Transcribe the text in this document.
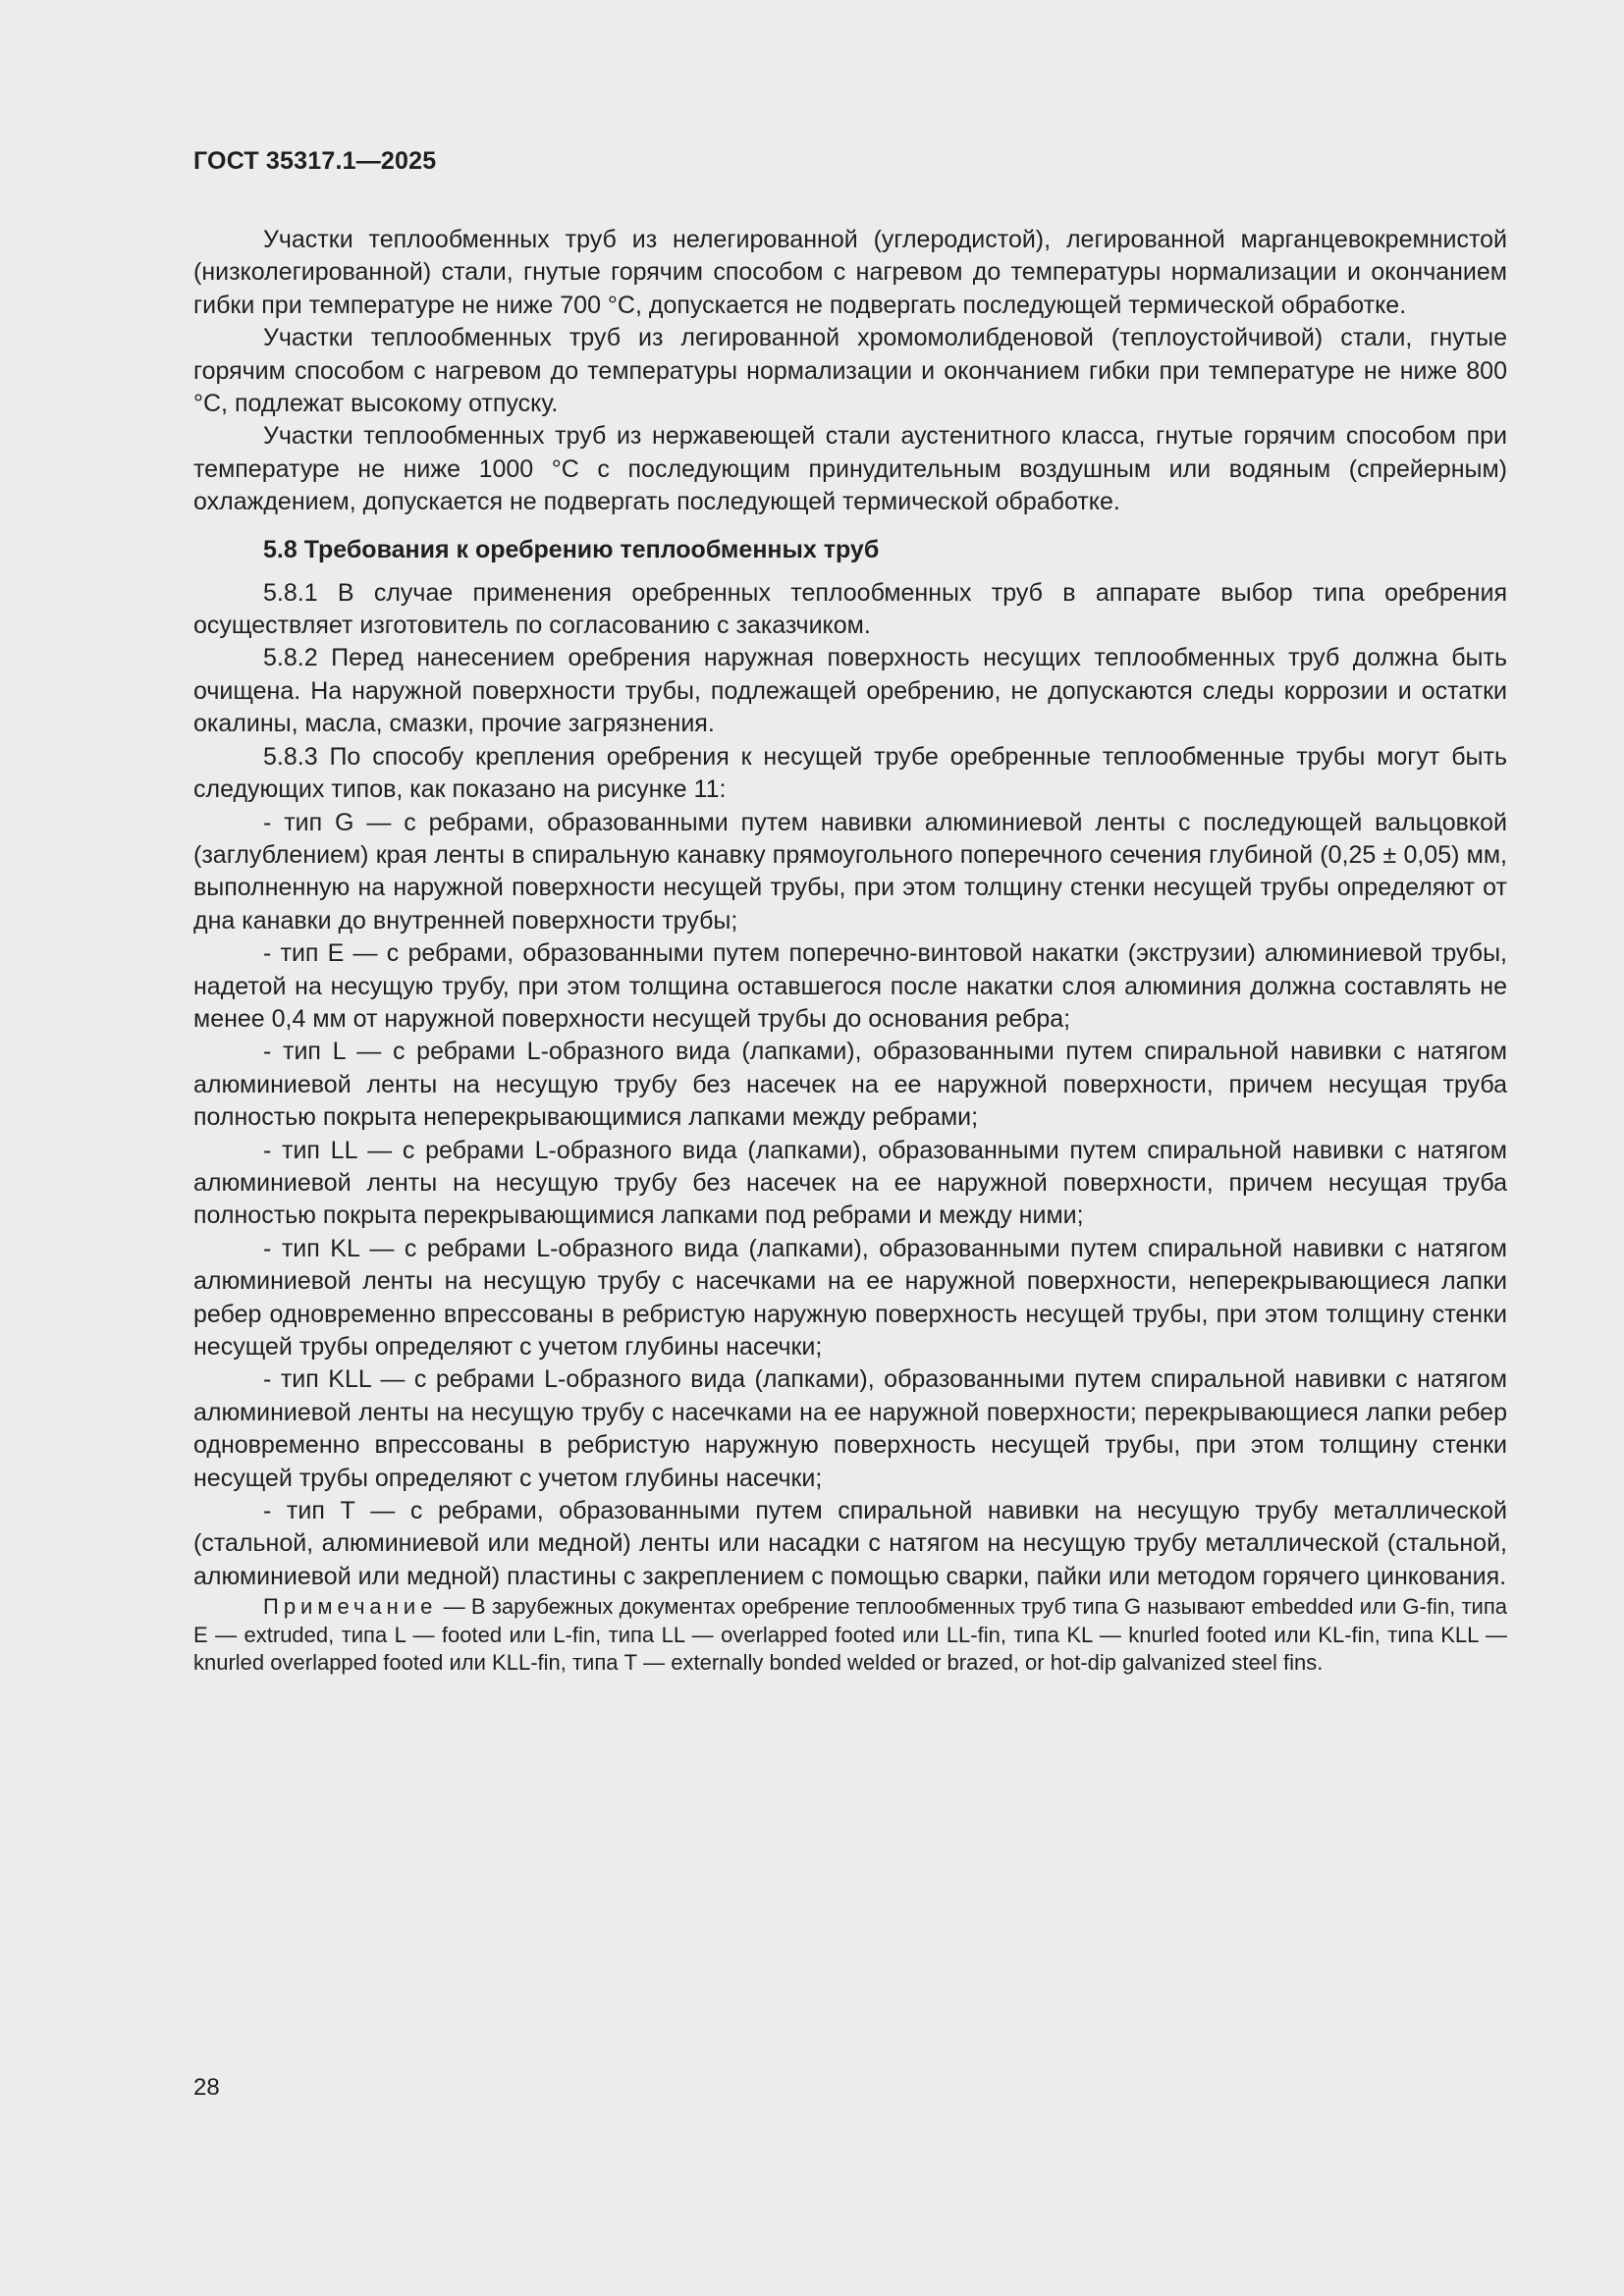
ГОСТ 35317.1—2025

Участки теплообменных труб из нелегированной (углеродистой), легированной марганцевокремнистой (низколегированной) стали, гнутые горячим способом с нагревом до температуры нормализации и окончанием гибки при температуре не ниже 700 °С, допускается не подвергать последующей термической обработке.

Участки теплообменных труб из легированной хромомолибденовой (теплоустойчивой) стали, гнутые горячим способом с нагревом до температуры нормализации и окончанием гибки при температуре не ниже 800 °С, подлежат высокому отпуску.

Участки теплообменных труб из нержавеющей стали аустенитного класса, гнутые горячим способом при температуре не ниже 1000 °С с последующим принудительным воздушным или водяным (спрейерным) охлаждением, допускается не подвергать последующей термической обработке.

5.8 Требования к оребрению теплообменных труб

5.8.1 В случае применения оребренных теплообменных труб в аппарате выбор типа оребрения осуществляет изготовитель по согласованию с заказчиком.

5.8.2 Перед нанесением оребрения наружная поверхность несущих теплообменных труб должна быть очищена. На наружной поверхности трубы, подлежащей оребрению, не допускаются следы коррозии и остатки окалины, масла, смазки, прочие загрязнения.

5.8.3 По способу крепления оребрения к несущей трубе оребренные теплообменные трубы могут быть следующих типов, как показано на рисунке 11:

- тип G — с ребрами, образованными путем навивки алюминиевой ленты с последующей вальцовкой (заглублением) края ленты в спиральную канавку прямоугольного поперечного сечения глубиной (0,25 ± 0,05) мм, выполненную на наружной поверхности несущей трубы, при этом толщину стенки несущей трубы определяют от дна канавки до внутренней поверхности трубы;

- тип Е — с ребрами, образованными путем поперечно-винтовой накатки (экструзии) алюминиевой трубы, надетой на несущую трубу, при этом толщина оставшегося после накатки слоя алюминия должна составлять не менее 0,4 мм от наружной поверхности несущей трубы до основания ребра;

- тип L — с ребрами L-образного вида (лапками), образованными путем спиральной навивки с натягом алюминиевой ленты на несущую трубу без насечек на ее наружной поверхности, причем несущая труба полностью покрыта неперекрывающимися лапками между ребрами;

- тип LL — с ребрами L-образного вида (лапками), образованными путем спиральной навивки с натягом алюминиевой ленты на несущую трубу без насечек на ее наружной поверхности, причем несущая труба полностью покрыта перекрывающимися лапками под ребрами и между ними;

- тип KL — с ребрами L-образного вида (лапками), образованными путем спиральной навивки с натягом алюминиевой ленты на несущую трубу с насечками на ее наружной поверхности, неперекрывающиеся лапки ребер одновременно впрессованы в ребристую наружную поверхность несущей трубы, при этом толщину стенки несущей трубы определяют с учетом глубины насечки;

- тип KLL — с ребрами L-образного вида (лапками), образованными путем спиральной навивки с натягом алюминиевой ленты на несущую трубу с насечками на ее наружной поверхности; перекрывающиеся лапки ребер одновременно впрессованы в ребристую наружную поверхность несущей трубы, при этом толщину стенки несущей трубы определяют с учетом глубины насечки;

- тип Т — с ребрами, образованными путем спиральной навивки на несущую трубу металлической (стальной, алюминиевой или медной) ленты или насадки с натягом на несущую трубу металлической (стальной, алюминиевой или медной) пластины с закреплением с помощью сварки, пайки или методом горячего цинкования.

Примечание — В зарубежных документах оребрение теплообменных труб типа G называют embedded или G-fin, типа E — extruded, типа L — footed или L-fin, типа LL — overlapped footed или LL-fin, типа KL — knurled footed или KL-fin, типа KLL — knurled overlapped footed или KLL-fin, типа Т — externally bonded welded or brazed, or hot-dip galvanized steel fins.

28
